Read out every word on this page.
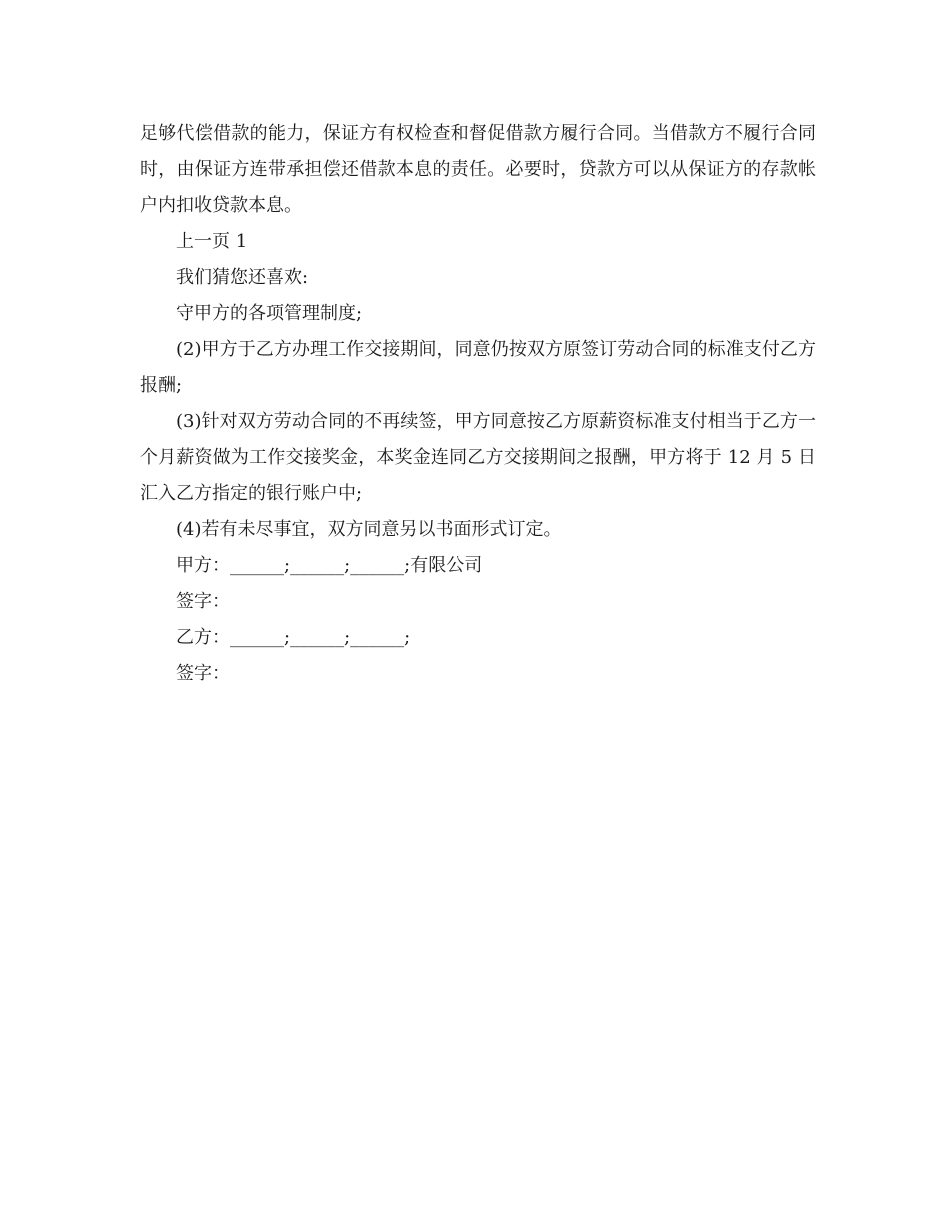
足够代偿借款的能力，保证方有权检查和督促借款方履行合同。当借款方不履行合同时，由保证方连带承担偿还借款本息的责任。必要时，贷款方可以从保证方的存款帐户内扣收贷款本息。

上一页 1

我们猜您还喜欢:

守甲方的各项管理制度;

(2)甲方于乙方办理工作交接期间，同意仍按双方原签订劳动合同的标准支付乙方报酬;

(3)针对双方劳动合同的不再续签，甲方同意按乙方原薪资标准支付相当于乙方一个月薪资做为工作交接奖金，本奖金连同乙方交接期间之报酬，甲方将于 12 月 5 日汇入乙方指定的银行账户中;

(4)若有未尽事宜，双方同意另以书面形式订定。

甲方：______;______;______;有限公司

签字：

乙方：______;______;______;

签字：
